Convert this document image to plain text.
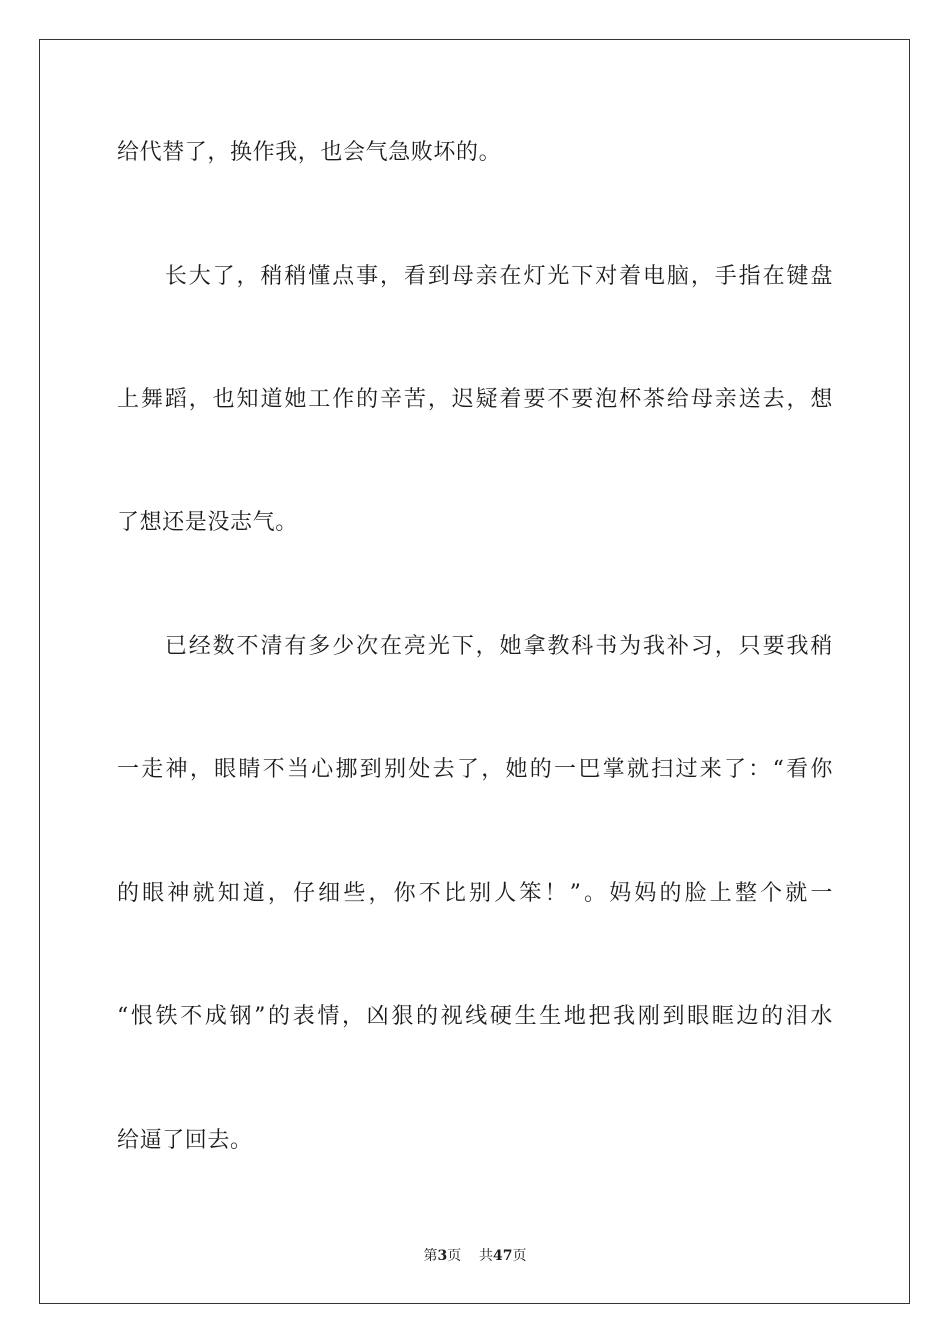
给代替了，换作我，也会气急败坏的。
　　长大了，稍稍懂点事，看到母亲在灯光下对着电脑，手指在键盘
上舞蹈，也知道她工作的辛苦，迟疑着要不要泡杯茶给母亲送去，想
了想还是没志气。
　　已经数不清有多少次在亮光下，她拿教科书为我补习，只要我稍
一走神，眼睛不当心挪到别处去了，她的一巴掌就扫过来了：“看你
的眼神就知道，仔细些，你不比别人笨！”。妈妈的脸上整个就一
“恨铁不成钢”的表情，凶狠的视线硬生生地把我刚到眼眶边的泪水
给逼了回去。
第3页 共47页
